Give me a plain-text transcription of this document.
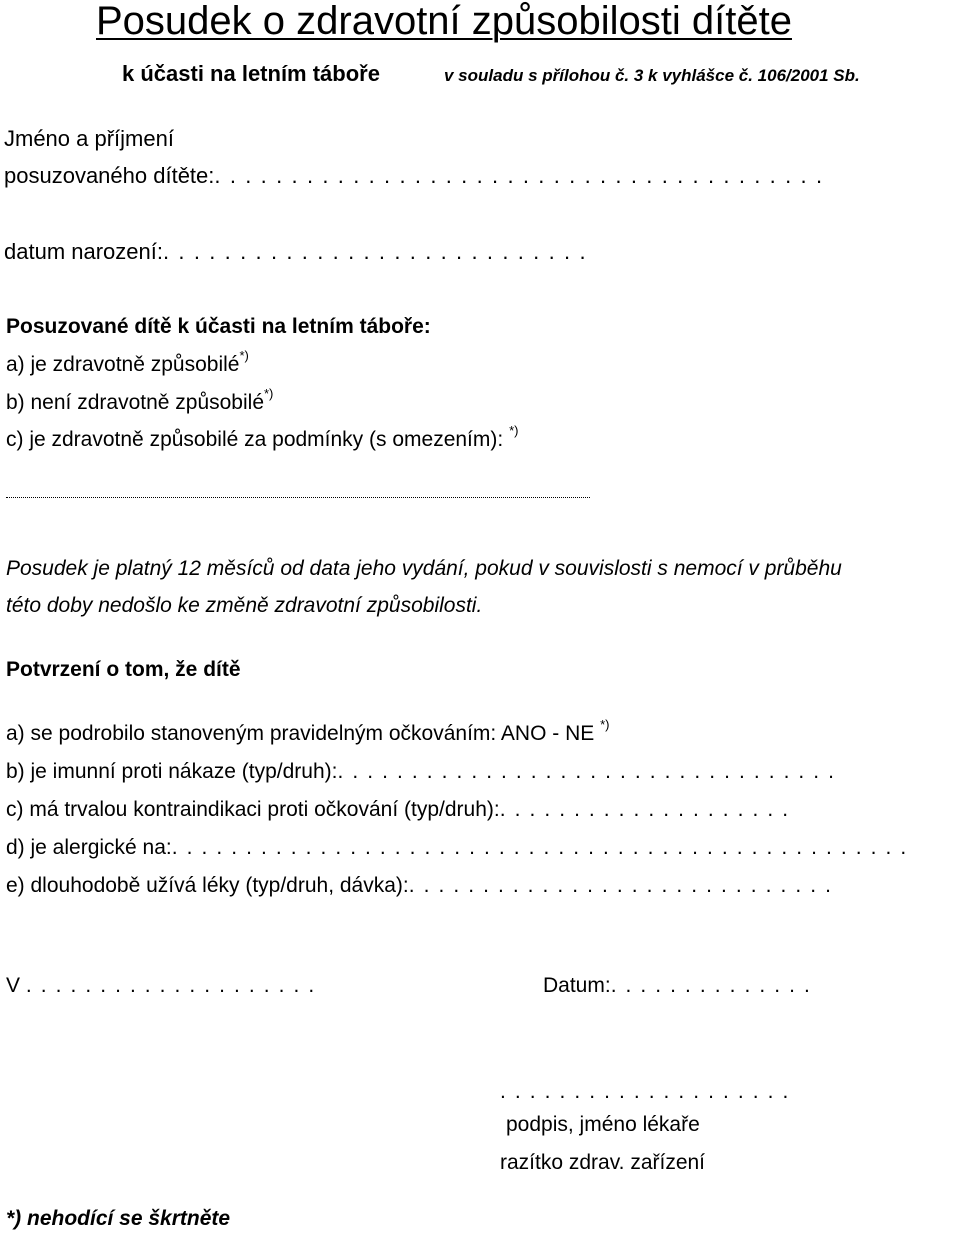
Posudek o zdravotní způsobilosti dítěte
k účasti na letním táboře	v souladu s přílohou č. 3 k vyhlášce č. 106/2001 Sb.
Jméno a příjmení
posuzovaného dítěte:. . . . . . . . . . . . . . . . . . . . . . . . . . . . . . . . . . . . . . . .
datum narození:. . . . . . . . . . . . . . . . . . . . . . . . . . . .
Posuzované dítě k účasti na letním táboře:
a) je zdravotně způsobilé*)
b) není zdravotně způsobilé*)
c) je zdravotně způsobilé za podmínky (s omezením): *)
Posudek je platný 12 měsíců od data jeho vydání, pokud v souvislosti s nemocí v průběhu
této doby nedošlo ke změně zdravotní způsobilosti.
Potvrzení o tom, že dítě
a) se podrobilo stanoveným pravidelným očkováním: ANO - NE *)
b) je imunní proti nákaze (typ/druh):. . . . . . . . . . . . . . . . . . . . . . . . . . . . . . . . . .
c) má trvalou kontraindikaci proti očkování (typ/druh):. . . . . . . . . . . . . . . . . . . .
d) je alergické na:. . . . . . . . . . . . . . . . . . . . . . . . . . . . . . . . . . . . . . . . . . . . . . . . . .
e) dlouhodobě užívá léky (typ/druh, dávka):. . . . . . . . . . . . . . . . . . . . . . . . . . . . .
V . . . . . . . . . . . . . . . . . . . .	Datum:. . . . . . . . . . . . . .
. . . . . . . . . . . . . . . . . . . .
podpis, jméno lékaře
razítko zdrav. zařízení
*) nehodící se škrtněte
